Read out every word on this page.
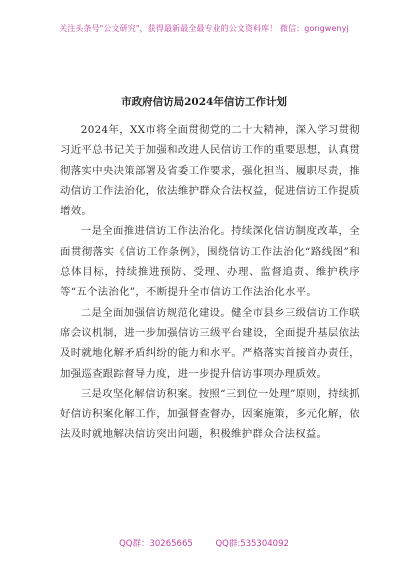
关注头条号"公文研究"，获得最新最全最专业的公文资料库！ 微信：gongwenyj
市政府信访局2024年信访工作计划

2024年，XX市将全面贯彻党的二十大精神，深入学习贯彻习近平总书记关于加强和改进人民信访工作的重要思想，认真贯彻落实中央决策部署及省委工作要求，强化担当、履职尽责，推动信访工作法治化，依法维护群众合法权益，促进信访工作提质增效。

一是全面推进信访工作法治化。持续深化信访制度改革，全面贯彻落实《信访工作条例》，围绕信访工作法治化“路线图”和总体目标，持续推进预防、受理、办理、监督追责、维护秩序等“五个法治化”，不断提升全市信访工作法治化水平。

二是全面加强信访规范化建设。健全市县乡三级信访工作联席会议机制，进一步加强信访三级平台建设，全面提升基层依法及时就地化解矛盾纠纷的能力和水平。严格落实首接首办责任，加强巡查跟踪督导力度，进一步提升信访事项办理质效。

三是攻坚化解信访积案。按照“三到位一处理”原则，持续抓好信访积案化解工作，加强督查督办，因案施策，多元化解，依法及时就地解决信访突出问题，积极维护群众合法权益。

QQ群：30265665	QQ群:535304092
